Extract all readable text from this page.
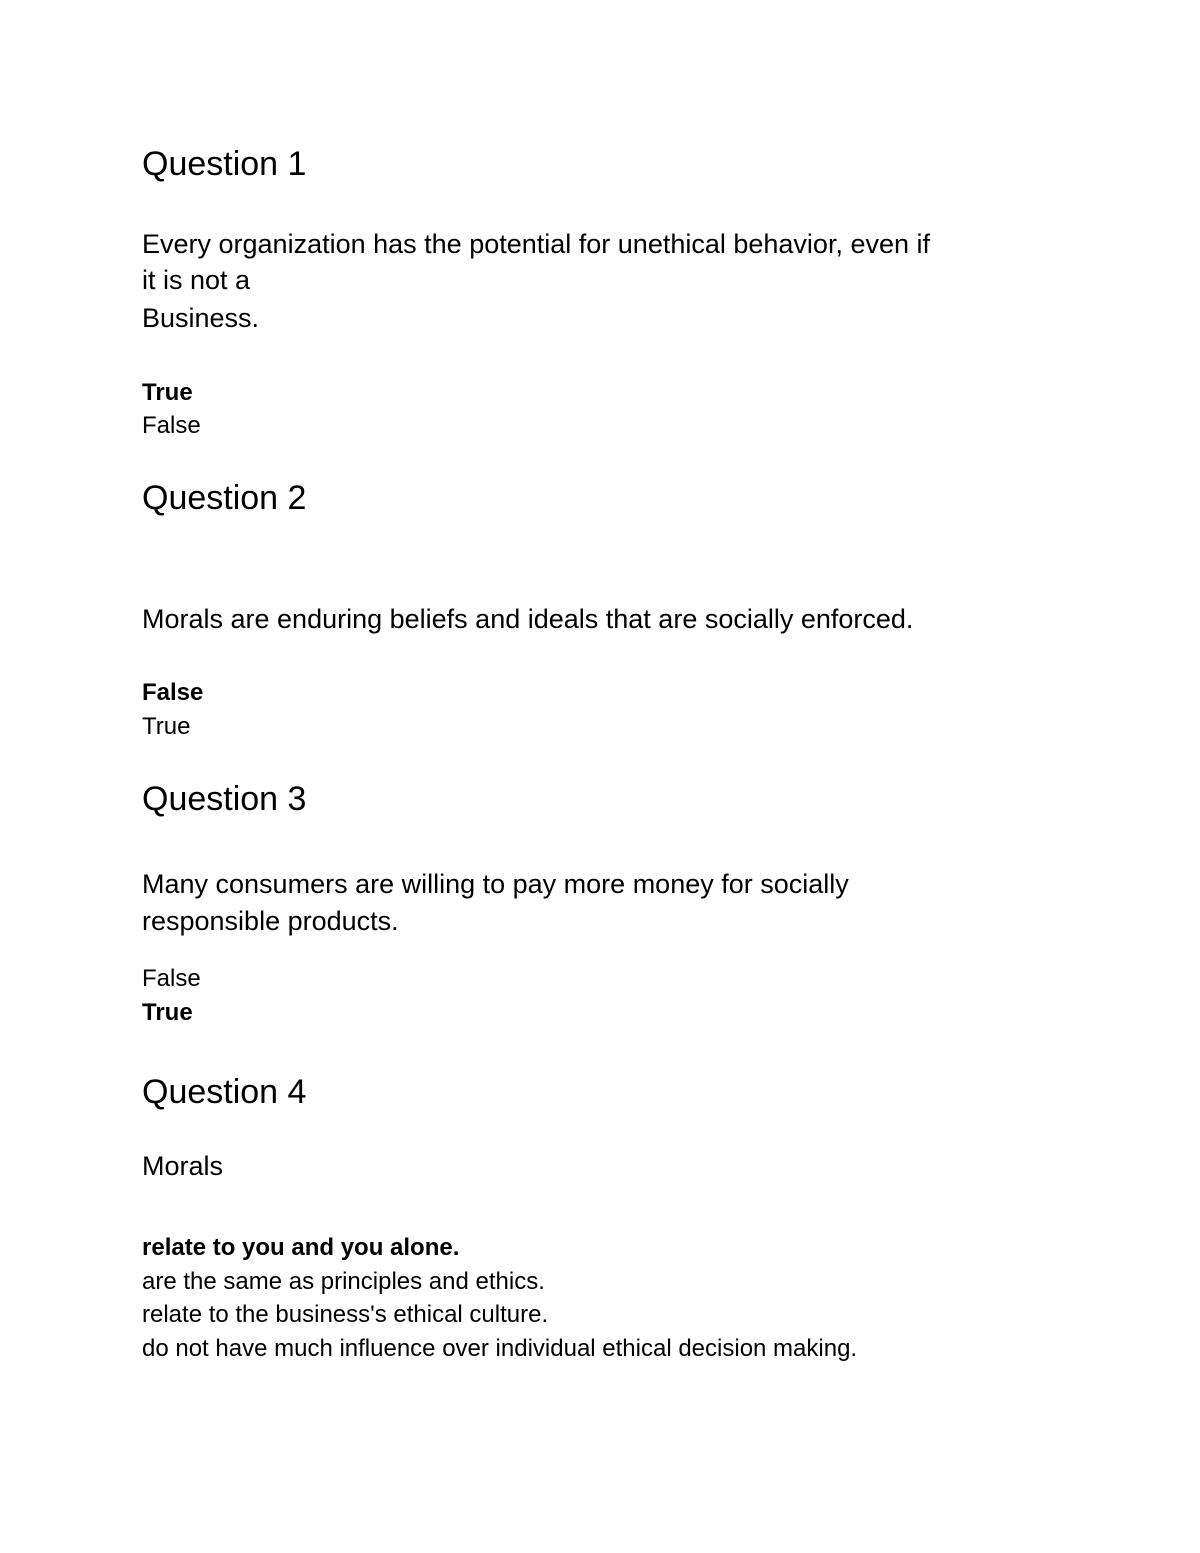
Question 1
Every organization has the potential for unethical behavior, even if
it is not a
Business.
True
False
Question 2
Morals are enduring beliefs and ideals that are socially enforced.
False
True
Question 3
Many consumers are willing to pay more money for socially
responsible products.
False
True
Question 4
Morals
relate to you and you alone.
are the same as principles and ethics.
relate to the business's ethical culture.
do not have much influence over individual ethical decision making.
